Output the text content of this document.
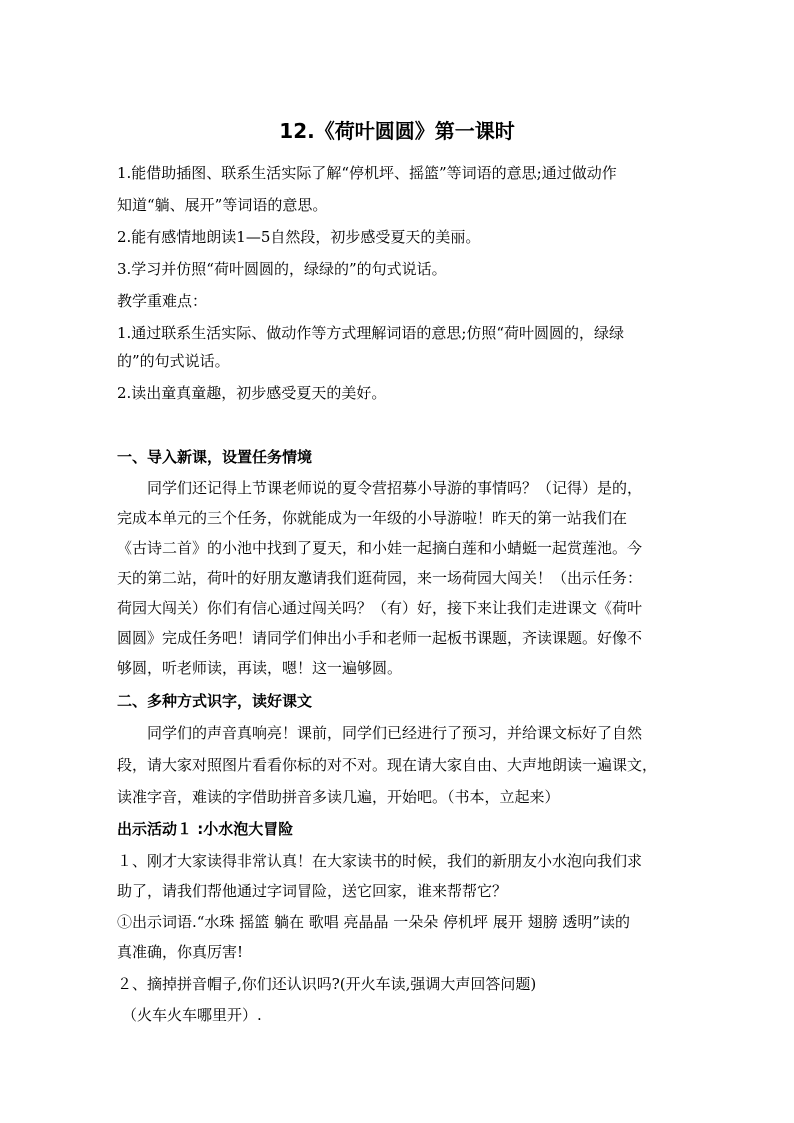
12.《荷叶圆圆》第一课时
1.能借助插图、联系生活实际了解“停机坪、摇篮”等词语的意思;通过做动作
知道“躺、展开”等词语的意思。
2.能有感情地朗读1—5自然段，初步感受夏天的美丽。
3.学习并仿照“荷叶圆圆的，绿绿的”的句式说话。
教学重难点：
1.通过联系生活实际、做动作等方式理解词语的意思;仿照“荷叶圆圆的，绿绿
的”的句式说话。
2.读出童真童趣，初步感受夏天的美好。
一、导入新课，设置任务情境
同学们还记得上节课老师说的夏令营招募小导游的事情吗？（记得）是的，
完成本单元的三个任务，你就能成为一年级的小导游啦！昨天的第一站我们在
《古诗二首》的小池中找到了夏天，和小娃一起摘白莲和小蜻蜓一起赏莲池。今
天的第二站，荷叶的好朋友邀请我们逛荷园，来一场荷园大闯关！（出示任务：
荷园大闯关）你们有信心通过闯关吗？（有）好，接下来让我们走进课文《荷叶
圆圆》完成任务吧！请同学们伸出小手和老师一起板书课题，齐读课题。好像不
够圆，听老师读，再读，嗯！这一遍够圆。
二、多种方式识字，读好课文
同学们的声音真响亮！课前，同学们已经进行了预习，并给课文标好了自然
段，请大家对照图片看看你标的对不对。现在请大家自由、大声地朗读一遍课文，
读准字音，难读的字借助拼音多读几遍，开始吧。（书本，立起来）
出示活动１ :小水泡大冒险
１、刚才大家读得非常认真！在大家读书的时候，我们的新朋友小水泡向我们求
助了，请我们帮他通过字词冒险，送它回家，谁来帮帮它？
①出示词语.“水珠 摇篮 躺在 歌唱 亮晶晶 一朵朵 停机坪 展开 翅膀 透明”读的
真准确，你真厉害!
２、摘掉拼音帽子,你们还认识吗?(开火车读,强调大声回答问题)
（火车火车哪里开）.
